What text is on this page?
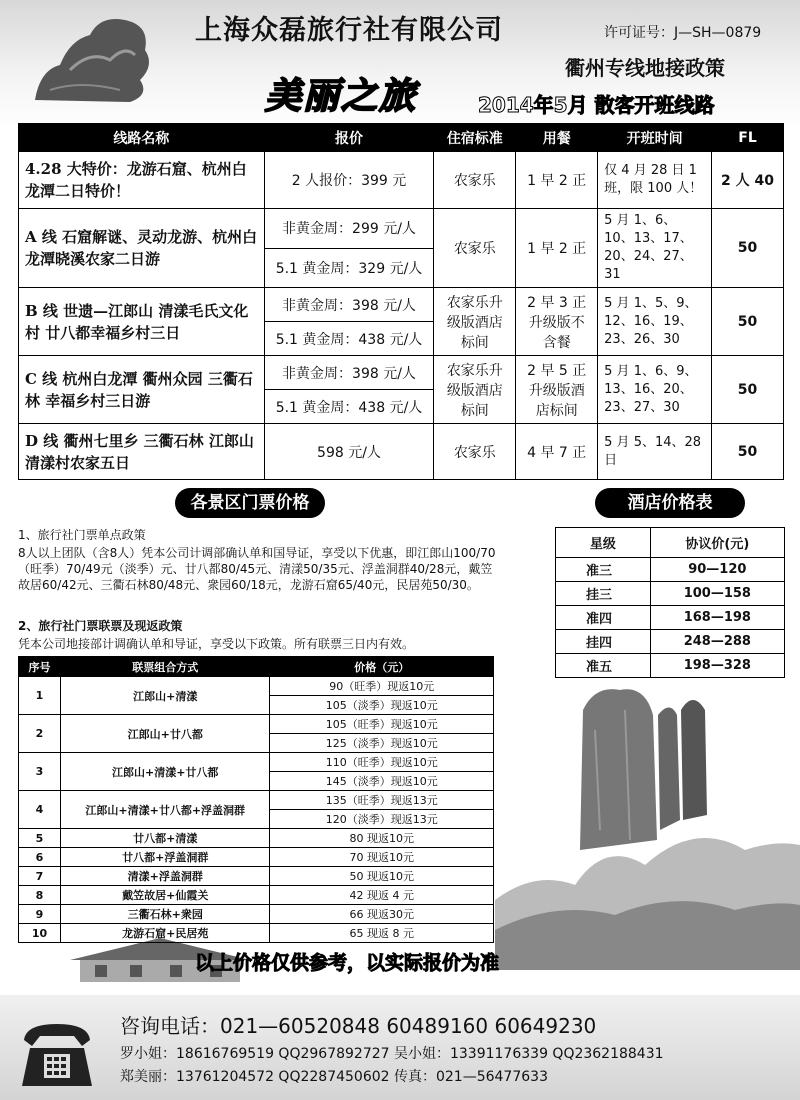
上海众磊旅行社有限公司	许可证号：J—SH—0879
衢州专线地接政策
美丽之旅	2014年5月 散客开班线路
线路名称	报价	住宿标准	用餐	开班时间	FL
4.28 大特价：龙游石窟、杭州白龙潭二日特价！	2 人报价：399 元	农家乐	1 早 2 正	仅 4 月 28 日 1 班，限 100 人！	2 人 40
A 线 石窟解谜、灵动龙游、杭州白龙潭晓溪农家二日游	非黄金周：299 元/人	农家乐	1 早 2 正	5 月 1、6、10、13、17、20、24、27、31	50
	5.1 黄金周：329 元/人				
B 线 世遗—江郎山 清漾毛氏文化村 廿八都幸福乡村三日	非黄金周：398 元/人	农家乐升级版酒店标间	2 早 3 正升级版不含餐	5 月 1、5、9、12、16、19、23、26、30	50
	5.1 黄金周：438 元/人				
C 线 杭州白龙潭 衢州众园 三衢石林 幸福乡村三日游	非黄金周：398 元/人	农家乐升级版酒店标间	2 早 5 正升级版酒店标间	5 月 1、6、9、13、16、20、23、27、30	50
	5.1 黄金周：438 元/人				
D 线 衢州七里乡 三衢石林 江郎山 清漾村农家五日	598 元/人	农家乐	4 早 7 正	5 月 5、14、28 日	50
各景区门票价格	酒店价格表
1、旅行社门票单点政策
8人以上团队（含8人）凭本公司计调部确认单和国导证，享受以下优惠，即江郎山100/70（旺季）70/49元（淡季）元、廿八都80/45元、清漾50/35元、浮盖洞群40/28元，戴笠故居60/42元、三衢石林80/48元、衆园60/18元，龙游石窟65/40元，民居苑50/30。
2、旅行社门票联票及现返政策
凭本公司地接部计调确认单和导证，享受以下政策。所有联票三日内有效。
星级	协议价(元)
准三	90—120
挂三	100—158
准四	168—198
挂四	248—288
准五	198—328
序号	联票组合方式	价格（元）
1	江郎山+清漾	90（旺季）现返10元
		105（淡季）现返10元
2	江郎山+廿八都	105（旺季）现返10元
		125（淡季）现返10元
3	江郎山+清漾+廿八都	110（旺季）现返10元
		145（淡季）现返10元
4	江郎山+清漾+廿八都+浮盖洞群	135（旺季）现返13元
		120（淡季）现返13元
5	廿八都+清漾	80 现返10元
6	廿八都+浮盖洞群	70 现返10元
7	清漾+浮盖洞群	50 现返10元
8	戴笠故居+仙霞关	42 现返 4 元
9	三衢石林+衆园	66 现返30元
10	龙游石窟+民居苑	65 现返 8 元
以上价格仅供参考，以实际报价为准
咨询电话：021—60520848 60489160 60649230
罗小姐：18616769519 QQ2967892727 吴小姐：13391176339 QQ2362188431
郑美丽：13761204572 QQ2287450602 传真：021—56477633
